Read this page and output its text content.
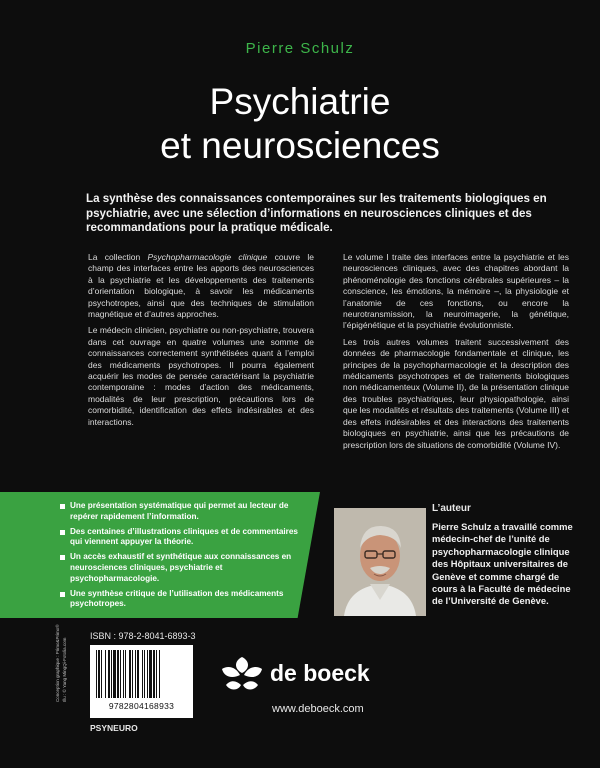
Pierre Schulz
Psychiatrie
et neurosciences
La synthèse des connaissances contemporaines sur les traitements biologiques en psychiatrie, avec une sélection d’informations en neurosciences cliniques et des recommandations pour la pratique médicale.

La collection Psychopharmacologie clinique couvre le champ des interfaces entre les apports des neurosciences à la psychiatrie et les développements des traitements d’orientation biologique, à savoir les médicaments psychotropes, ainsi que des techniques de stimulation magnétique et d’autres approches.

Le médecin clinicien, psychiatre ou non-psychiatre, trouvera dans cet ouvrage en quatre volumes une somme de connaissances correctement synthétisées quant à l’emploi des médicaments psychotropes. Il pourra également acquérir les modes de pensée caractérisant la psychiatrie contemporaine : modes d’action des médicaments, modalités de leur prescription, précautions lors de comorbidité, identification des effets indésirables et des interactions.

Le volume I traite des interfaces entre la psychiatrie et les neurosciences cliniques, avec des chapitres abordant la phénoménologie des fonctions cérébrales supérieures – la conscience, les émotions, la mémoire –, la physiologie et l’anatomie de ces fonctions, ou encore la neurotransmission, la neuroimagerie, la génétique, l’épigénétique et la psychiatrie évolutionniste.

Les trois autres volumes traitent successivement des données de pharmacologie fondamentale et clinique, les principes de la psychopharmacologie et la description des médicaments psychotropes et de traitements biologiques non médicamenteux (Volume II), de la présentation clinique des troubles psychiatriques, leur physiopathologie, ainsi que les modalités et résultats des traitements (Volume III) et des effets indésirables et des interactions des traitements biologiques en psychiatrie, ainsi que les précautions de prescription lors de situations de comorbidité (Volume IV).

Une présentation systématique qui permet au lecteur de repérer rapidement l’information.
Des centaines d’illustrations cliniques et de commentaires qui viennent appuyer la théorie.
Un accès exhaustif et synthétique aux connaissances en neurosciences cliniques, psychiatrie et psychopharmacologie.
Une synthèse critique de l’utilisation des médicaments psychotropes.
L’auteur
Pierre Schulz a travaillé comme médecin-chef de l’unité de psychopharmacologie clinique des Hôpitaux universitaires de Genève et comme chargé de cours à la Faculté de médecine de l’Université de Genève.
Conception graphique : Primo&Primo® Illu : © Yang MingQi-Fotolia.com
ISBN : 978-2-8041-6893-3
9782804168933
PSYNEURO
de boeck
www.deboeck.com
